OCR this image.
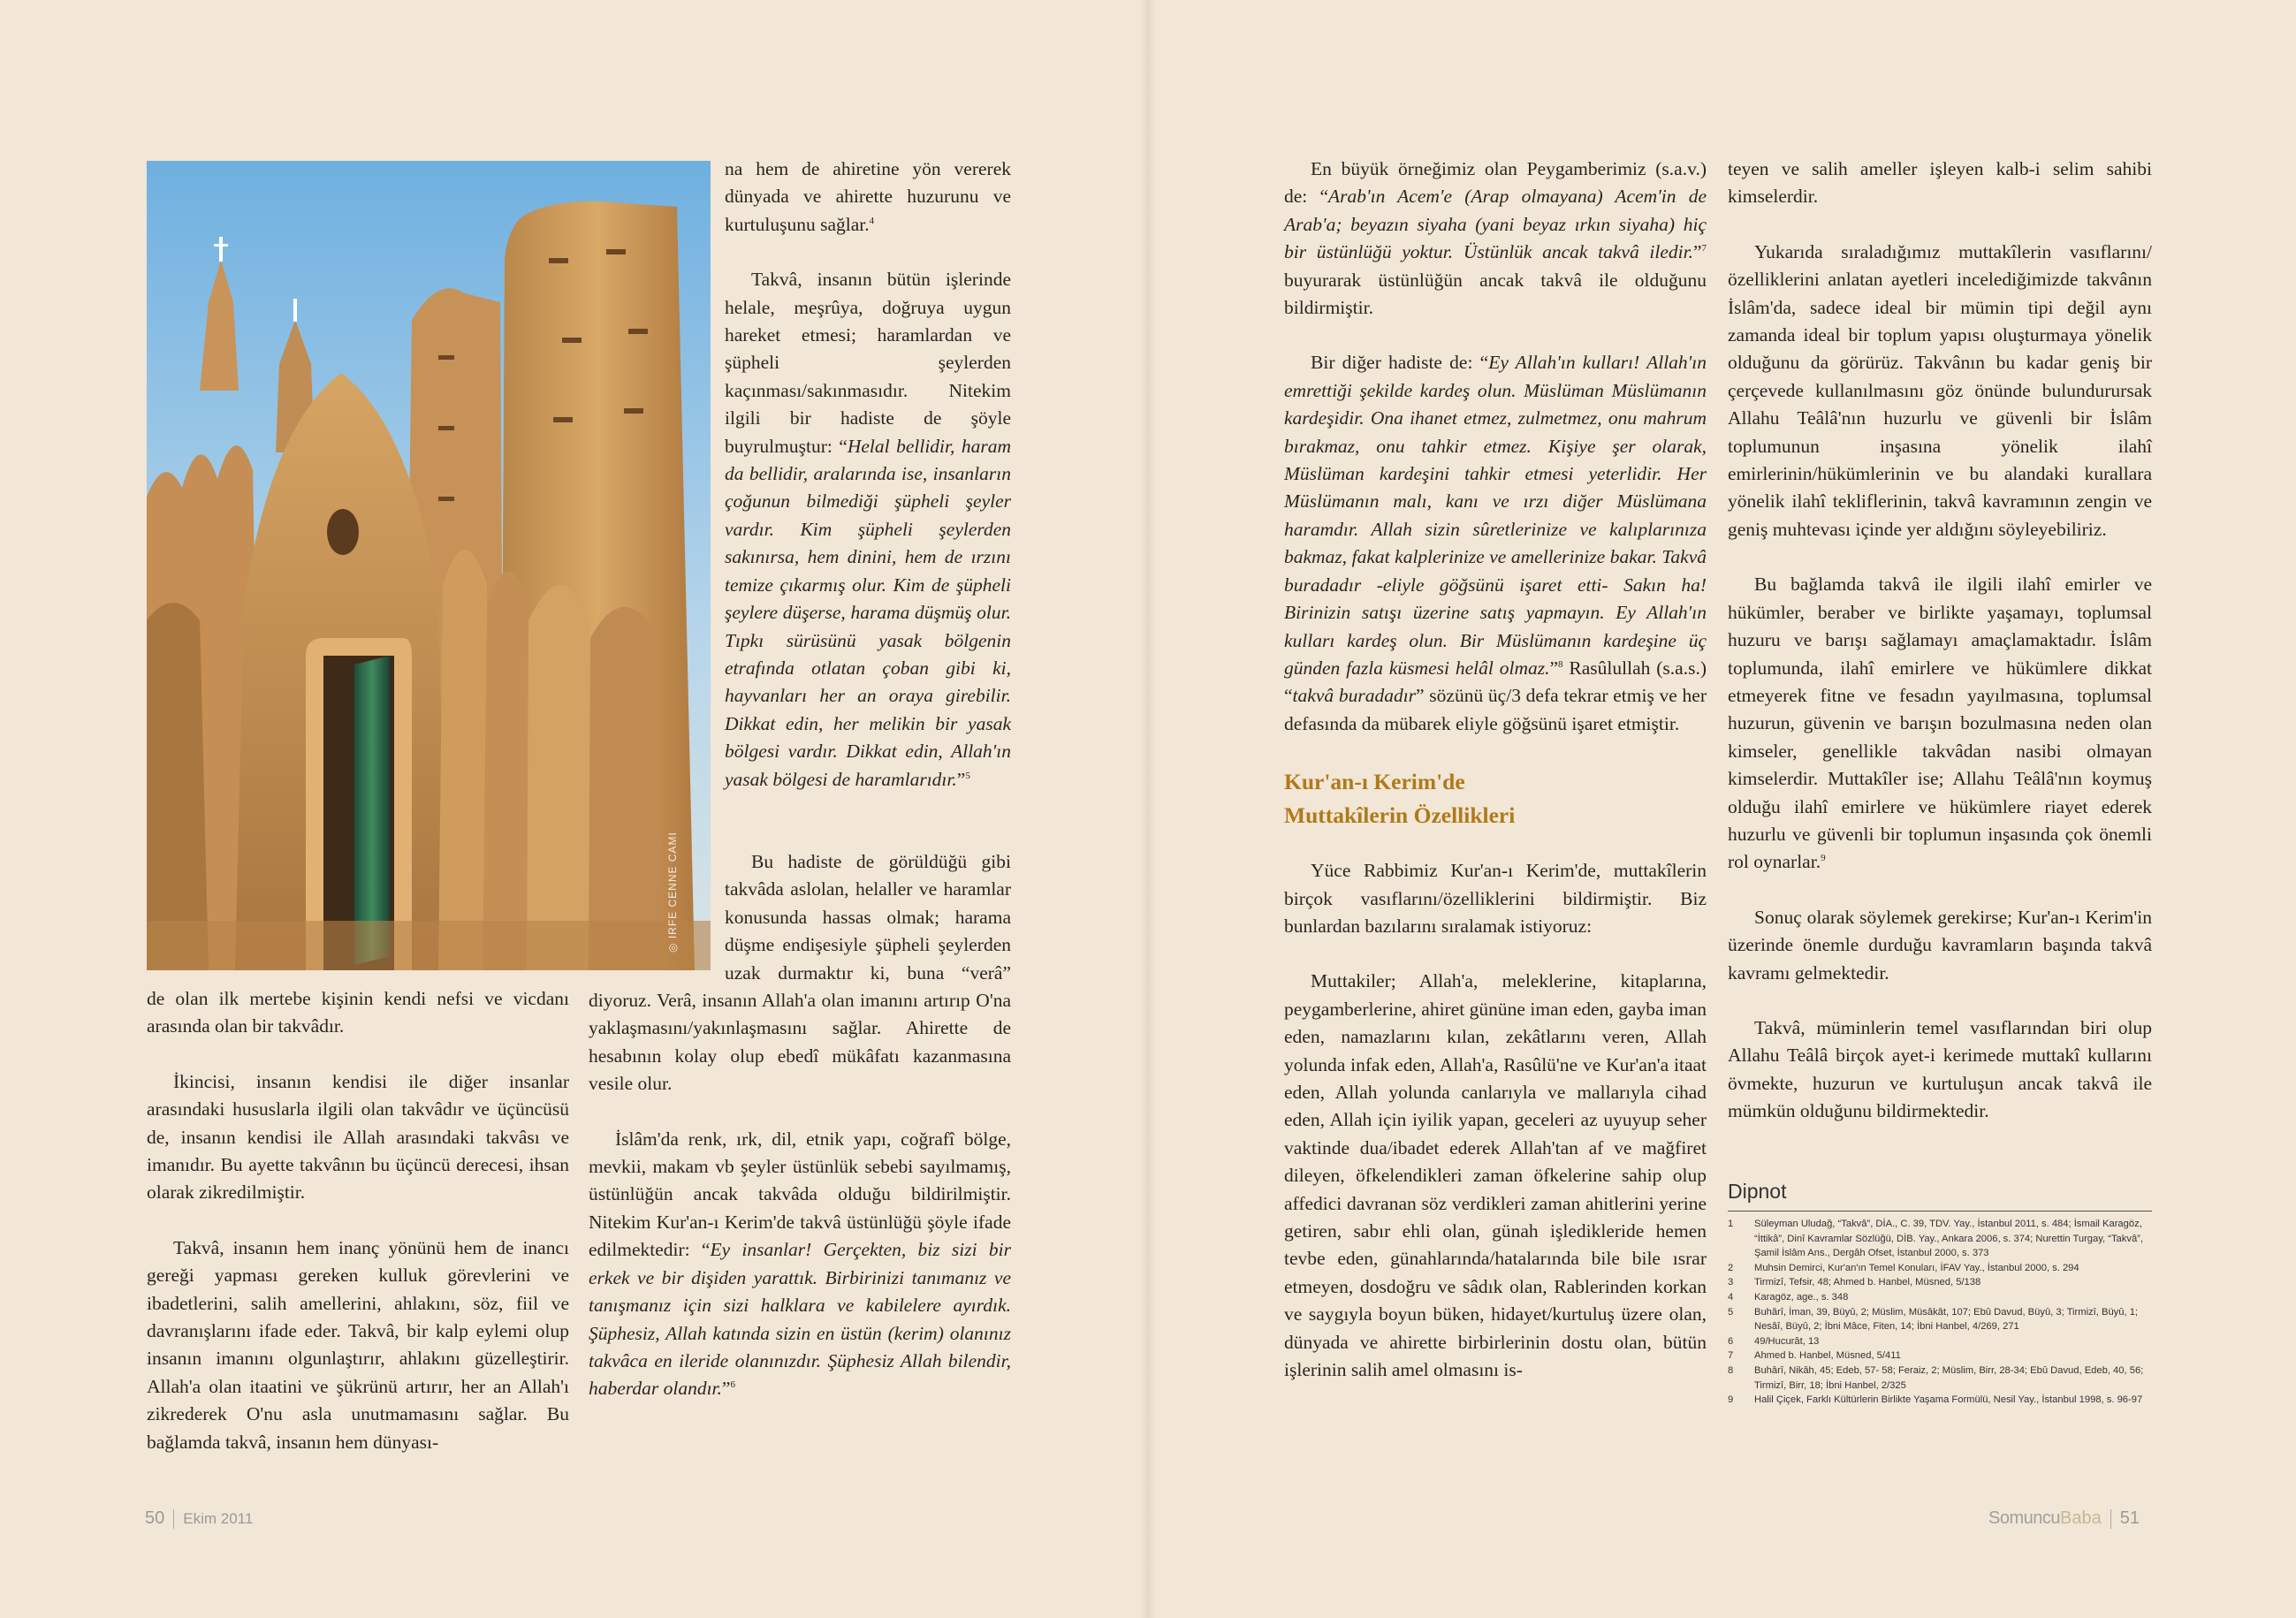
◎ IRFE CENNE CAMI

de olan ilk mertebe kişinin kendi nefsi ve vicdanı arasında olan bir takvâdır.

İkincisi, insanın kendisi ile diğer insanlar arasındaki hususlarla ilgili olan takvâdır ve üçüncüsü de, insanın kendisi ile Allah arasındaki takvâsı ve imanıdır. Bu ayette takvânın bu üçüncü derecesi, ihsan olarak zikredilmiştir.

Takvâ, insanın hem inanç yönünü hem de inancı gereği yapması gereken kulluk görevlerini ve ibadetlerini, salih amellerini, ahlakını, söz, fiil ve davranışlarını ifade eder. Takvâ, bir kalp eylemi olup insanın imanını olgunlaştırır, ahlakını güzelleştirir. Allah'a olan itaatini ve şükrünü artırır, her an Allah'ı zikrederek O'nu asla unutmamasını sağlar. Bu bağlamda takvâ, insanın hem dünyası-

na hem de ahiretine yön vererek dünyada ve ahirette huzurunu ve kurtuluşunu sağlar.$^4$

Takvâ, insanın bütün işlerinde helale, meşrûya, doğruya uygun hareket etmesi; haramlardan ve şüpheli şeylerden kaçınması/sakınmasıdır. Nitekim ilgili bir hadiste de şöyle buyrulmuştur: “Helal bellidir, haram da bellidir, aralarında ise, insanların çoğunun bilmediği şüpheli şeyler vardır. Kim şüpheli şeylerden sakınırsa, hem dinini, hem de ırzını temize çıkarmış olur. Kim de şüpheli şeylere düşerse, harama düşmüş olur. Tıpkı sürüsünü yasak bölgenin etrafında otlatan çoban gibi ki, hayvanları her an oraya girebilir. Dikkat edin, her melikin bir yasak bölgesi vardır. Dikkat edin, Allah'ın yasak bölgesi de haramlarıdır.”$^5$

Bu hadiste de görüldüğü gibi takvâda aslolan, helaller ve haramlar konusunda hassas olmak; harama düşme endişesiyle şüpheli şeylerden uzak durmaktır ki, buna “verâ” diyoruz. Verâ, insanın Allah'a olan imanını artırıp O'na yaklaşmasını/yakınlaşmasını sağlar. Ahirette de hesabının kolay olup ebedî mükâfatı kazanmasına vesile olur.

İslâm'da renk, ırk, dil, etnik yapı, coğrafî bölge, mevkii, makam vb şeyler üstünlük sebebi sayılmamış, üstünlüğün ancak takvâda olduğu bildirilmiştir. Nitekim Kur'an-ı Kerim'de takvâ üstünlüğü şöyle ifade edilmektedir: “Ey insanlar! Gerçekten, biz sizi bir erkek ve bir dişiden yarattık. Birbirinizi tanımanız ve tanışmanız için sizi halklara ve kabilelere ayırdık. Şüphesiz, Allah katında sizin en üstün (kerim) olanınız takvâca en ileride olanınızdır. Şüphesiz Allah bilendir, haberdar olandır.”$^6$

En büyük örneğimiz olan Peygamberimiz (s.a.v.) de: “Arab'ın Acem'e (Arap olmayana) Acem'in de Arab'a; beyazın siyaha (yani beyaz ırkın siyaha) hiç bir üstünlüğü yoktur. Üstünlük ancak takvâ iledir.”$^7$ buyurarak üstünlüğün ancak takvâ ile olduğunu bildirmiştir.

Bir diğer hadiste de: “Ey Allah'ın kulları! Allah'ın emrettiği şekilde kardeş olun. Müslüman Müslümanın kardeşidir. Ona ihanet etmez, zulmetmez, onu mahrum bırakmaz, onu tahkir etmez. Kişiye şer olarak, Müslüman kardeşini tahkir etmesi yeterlidir. Her Müslümanın malı, kanı ve ırzı diğer Müslümana haramdır. Allah sizin sûretlerinize ve kalıplarınıza bakmaz, fakat kalplerinize ve amellerinize bakar. Takvâ buradadır -eliyle göğsünü işaret etti- Sakın ha! Birinizin satışı üzerine satış yapmayın. Ey Allah'ın kulları kardeş olun. Bir Müslümanın kardeşine üç günden fazla küsmesi helâl olmaz.”$^8$ Rasûlullah (s.a.s.) “takvâ buradadır” sözünü üç/3 defa tekrar etmiş ve her defasında da mübarek eliyle göğsünü işaret etmiştir.

Kur'an-ı Kerim'de
Muttakîlerin Özellikleri

Yüce Rabbimiz Kur'an-ı Kerim'de, muttakîlerin birçok vasıflarını/özelliklerini bildirmiştir. Biz bunlardan bazılarını sıralamak istiyoruz:

Muttakiler; Allah'a, meleklerine, kitaplarına, peygamberlerine, ahiret gününe iman eden, gayba iman eden, namazlarını kılan, zekâtlarını veren, Allah yolunda infak eden, Allah'a, Rasûlü'ne ve Kur'an'a itaat eden, Allah yolunda canlarıyla ve mallarıyla cihad eden, Allah için iyilik yapan, geceleri az uyuyup seher vaktinde dua/ibadet ederek Allah'tan af ve mağfiret dileyen, öfkelendikleri zaman öfkelerine sahip olup affedici davranan söz verdikleri zaman ahitlerini yerine getiren, sabır ehli olan, günah işledikleride hemen tevbe eden, günahlarında/hatalarında bile bile ısrar etmeyen, dosdoğru ve sâdık olan, Rablerinden korkan ve saygıyla boyun büken, hidayet/kurtuluş üzere olan, dünyada ve ahirette birbirlerinin dostu olan, bütün işlerinin salih amel olmasını is-

teyen ve salih ameller işleyen kalb-i selim sahibi kimselerdir.

Yukarıda sıraladığımız muttakîlerin vasıflarını/özelliklerini anlatan ayetleri incelediğimizde takvânın İslâm'da, sadece ideal bir mümin tipi değil aynı zamanda ideal bir toplum yapısı oluşturmaya yönelik olduğunu da görürüz. Takvânın bu kadar geniş bir çerçevede kullanılmasını göz önünde bulundurursak Allahu Teâlâ'nın huzurlu ve güvenli bir İslâm toplumunun inşasına yönelik ilahî emirlerinin/hükümlerinin ve bu alandaki kurallara yönelik ilahî tekliflerinin, takvâ kavramının zengin ve geniş muhtevası içinde yer aldığını söyleyebiliriz.

Bu bağlamda takvâ ile ilgili ilahî emirler ve hükümler, beraber ve birlikte yaşamayı, toplumsal huzuru ve barışı sağlamayı amaçlamaktadır. İslâm toplumunda, ilahî emirlere ve hükümlere dikkat etmeyerek fitne ve fesadın yayılmasına, toplumsal huzurun, güvenin ve barışın bozulmasına neden olan kimseler, genellikle takvâdan nasibi olmayan kimselerdir. Muttakîler ise; Allahu Teâlâ'nın koymuş olduğu ilahî emirlere ve hükümlere riayet ederek huzurlu ve güvenli bir toplumun inşasında çok önemli rol oynarlar.$^9$

Sonuç olarak söylemek gerekirse; Kur'an-ı Kerim'in üzerinde önemle durduğu kavramların başında takvâ kavramı gelmektedir.

Takvâ, müminlerin temel vasıflarından biri olup Allahu Teâlâ birçok ayet-i kerimede muttakî kullarını övmekte, huzurun ve kurtuluşun ancak takvâ ile mümkün olduğunu bildirmektedir.

Dipnot
1	Süleyman Uludağ, “Takvâ”, DİA., C. 39, TDV. Yay., İstanbul 2011, s. 484; İsmail Karagöz, “İttikâ”, Dinî Kavramlar Sözlüğü, DİB. Yay., Ankara 2006, s. 374; Nurettin Turgay, “Takvâ”, Şamil İslâm Ans., Dergâh Ofset, İstanbul 2000, s. 373
2	Muhsin Demirci, Kur'an'ın Temel Konuları, İFAV Yay., İstanbul 2000, s. 294
3	Tirmizî, Tefsir, 48; Ahmed b. Hanbel, Müsned, 5/138
4	Karagöz, age., s. 348
5	Buhârî, İman, 39, Büyû, 2; Müslim, Müsâkât, 107; Ebû Davud, Büyû, 3; Tirmizî, Büyû, 1; Nesâî, Büyû, 2; İbni Mâce, Fiten, 14; İbni Hanbel, 4/269, 271
6	49/Hucurât, 13
7	Ahmed b. Hanbel, Müsned, 5/411
8	Buhârî, Nikâh, 45; Edeb, 57- 58; Feraiz, 2; Müslim, Birr, 28-34; Ebû Davud, Edeb, 40, 56; Tirmizî, Birr, 18; İbni Hanbel, 2/325
9	Halil Çiçek, Farklı Kültürlerin Birlikte Yaşama Formülü, Nesil Yay., İstanbul 1998, s. 96-97
50 Ekim 2011	SomuncuBaba 51
